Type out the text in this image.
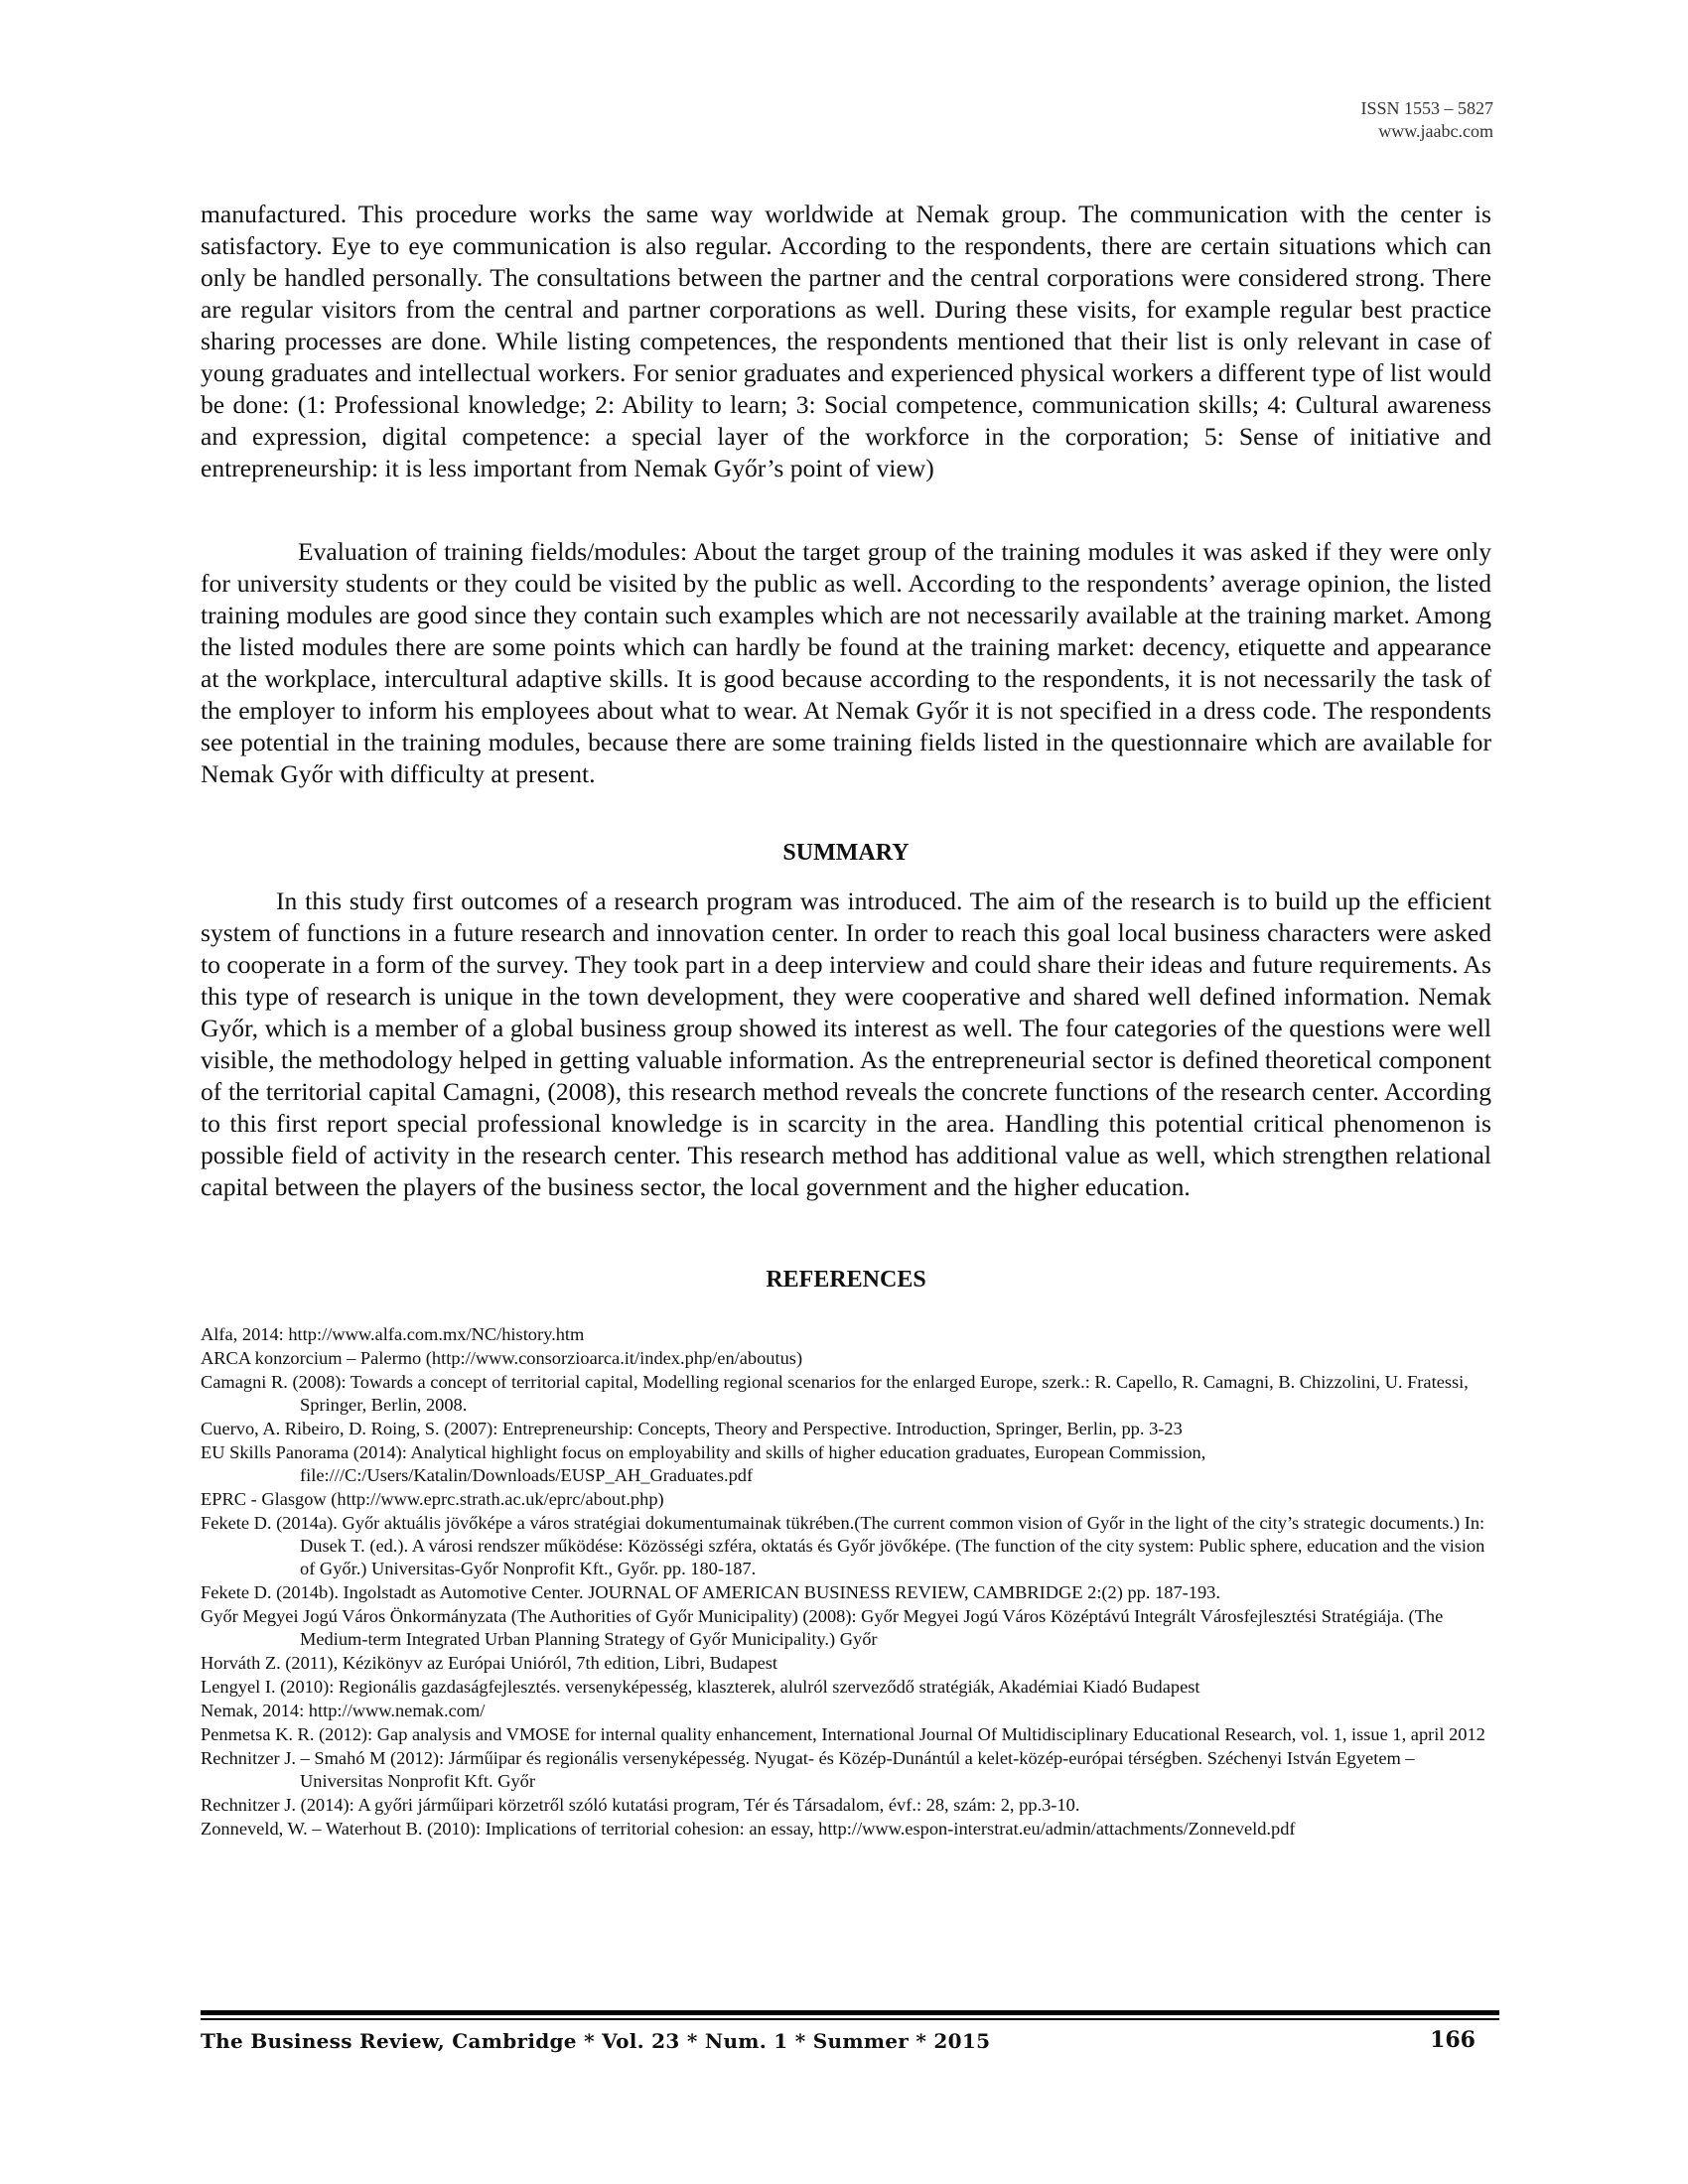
ISSN 1553 – 5827
www.jaabc.com

manufactured. This procedure works the same way worldwide at Nemak group. The communication with the center is satisfactory. Eye to eye communication is also regular. According to the respondents, there are certain situations which can only be handled personally. The consultations between the partner and the central corporations were considered strong. There are regular visitors from the central and partner corporations as well. During these visits, for example regular best practice sharing processes are done. While listing competences, the respondents mentioned that their list is only relevant in case of young graduates and intellectual workers. For senior graduates and experienced physical workers a different type of list would be done: (1: Professional knowledge; 2: Ability to learn; 3: Social competence, communication skills; 4: Cultural awareness and expression, digital competence: a special layer of the workforce in the corporation; 5: Sense of initiative and entrepreneurship: it is less important from Nemak Győr’s point of view)

Evaluation of training fields/modules: About the target group of the training modules it was asked if they were only for university students or they could be visited by the public as well. According to the respondents’ average opinion, the listed training modules are good since they contain such examples which are not necessarily available at the training market. Among the listed modules there are some points which can hardly be found at the training market: decency, etiquette and appearance at the workplace, intercultural adaptive skills. It is good because according to the respondents, it is not necessarily the task of the employer to inform his employees about what to wear. At Nemak Győr it is not specified in a dress code. The respondents see potential in the training modules, because there are some training fields listed in the questionnaire which are available for Nemak Győr with difficulty at present.

SUMMARY

In this study first outcomes of a research program was introduced. The aim of the research is to build up the efficient system of functions in a future research and innovation center. In order to reach this goal local business characters were asked to cooperate in a form of the survey. They took part in a deep interview and could share their ideas and future requirements. As this type of research is unique in the town development, they were cooperative and shared well defined information. Nemak Győr, which is a member of a global business group showed its interest as well. The four categories of the questions were well visible, the methodology helped in getting valuable information. As the entrepreneurial sector is defined theoretical component of the territorial capital Camagni, (2008), this research method reveals the concrete functions of the research center. According to this first report special professional knowledge is in scarcity in the area. Handling this potential critical phenomenon is possible field of activity in the research center. This research method has additional value as well, which strengthen relational capital between the players of the business sector, the local government and the higher education.

REFERENCES
Alfa, 2014: http://www.alfa.com.mx/NC/history.htm
ARCA konzorcium – Palermo (http://www.consorzioarca.it/index.php/en/aboutus)
Camagni R. (2008): Towards a concept of territorial capital, Modelling regional scenarios for the enlarged Europe, szerk.: R. Capello, R. Camagni, B. Chizzolini, U. Fratessi, Springer, Berlin, 2008.
Cuervo, A. Ribeiro, D. Roing, S. (2007): Entrepreneurship: Concepts, Theory and Perspective. Introduction, Springer, Berlin, pp. 3-23
EU Skills Panorama (2014): Analytical highlight focus on employability and skills of higher education graduates, European Commission, file:///C:/Users/Katalin/Downloads/EUSP_AH_Graduates.pdf
EPRC - Glasgow (http://www.eprc.strath.ac.uk/eprc/about.php)
Fekete D. (2014a). Győr aktuális jövőképe a város stratégiai dokumentumainak tükrében.(The current common vision of Győr in the light of the city’s strategic documents.) In: Dusek T. (ed.). A városi rendszer működése: Közösségi szféra, oktatás és Győr jövőképe. (The function of the city system: Public sphere, education and the vision of Győr.) Universitas-Győr Nonprofit Kft., Győr. pp. 180-187.
Fekete D. (2014b). Ingolstadt as Automotive Center. JOURNAL OF AMERICAN BUSINESS REVIEW, CAMBRIDGE 2:(2) pp. 187-193.
Győr Megyei Jogú Város Önkormányzata (The Authorities of Győr Municipality) (2008): Győr Megyei Jogú Város Középtávú Integrált Városfejlesztési Stratégiája. (The Medium-term Integrated Urban Planning Strategy of Győr Municipality.) Győr
Horváth Z. (2011), Kézikönyv az Európai Unióról, 7th edition, Libri, Budapest
Lengyel I. (2010): Regionális gazdaságfejlesztés. versenyképesség, klaszterek, alulról szerveződő stratégiák, Akadémiai Kiadó Budapest
Nemak, 2014: http://www.nemak.com/
Penmetsa K. R. (2012): Gap analysis and VMOSE for internal quality enhancement, International Journal Of Multidisciplinary Educational Research, vol. 1, issue 1, april 2012
Rechnitzer J. – Smahó M (2012): Járműipar és regionális versenyképesség. Nyugat- és Közép-Dunántúl a kelet-közép-európai térségben. Széchenyi István Egyetem – Universitas Nonprofit Kft. Győr
Rechnitzer J. (2014): A győri járműipari körzetről szóló kutatási program, Tér és Társadalom, évf.: 28, szám: 2, pp.3-10.
Zonneveld, W. – Waterhout B. (2010): Implications of territorial cohesion: an essay, http://www.espon-interstrat.eu/admin/attachments/Zonneveld.pdf
The Business Review, Cambridge * Vol. 23 * Num. 1 * Summer * 2015	166
